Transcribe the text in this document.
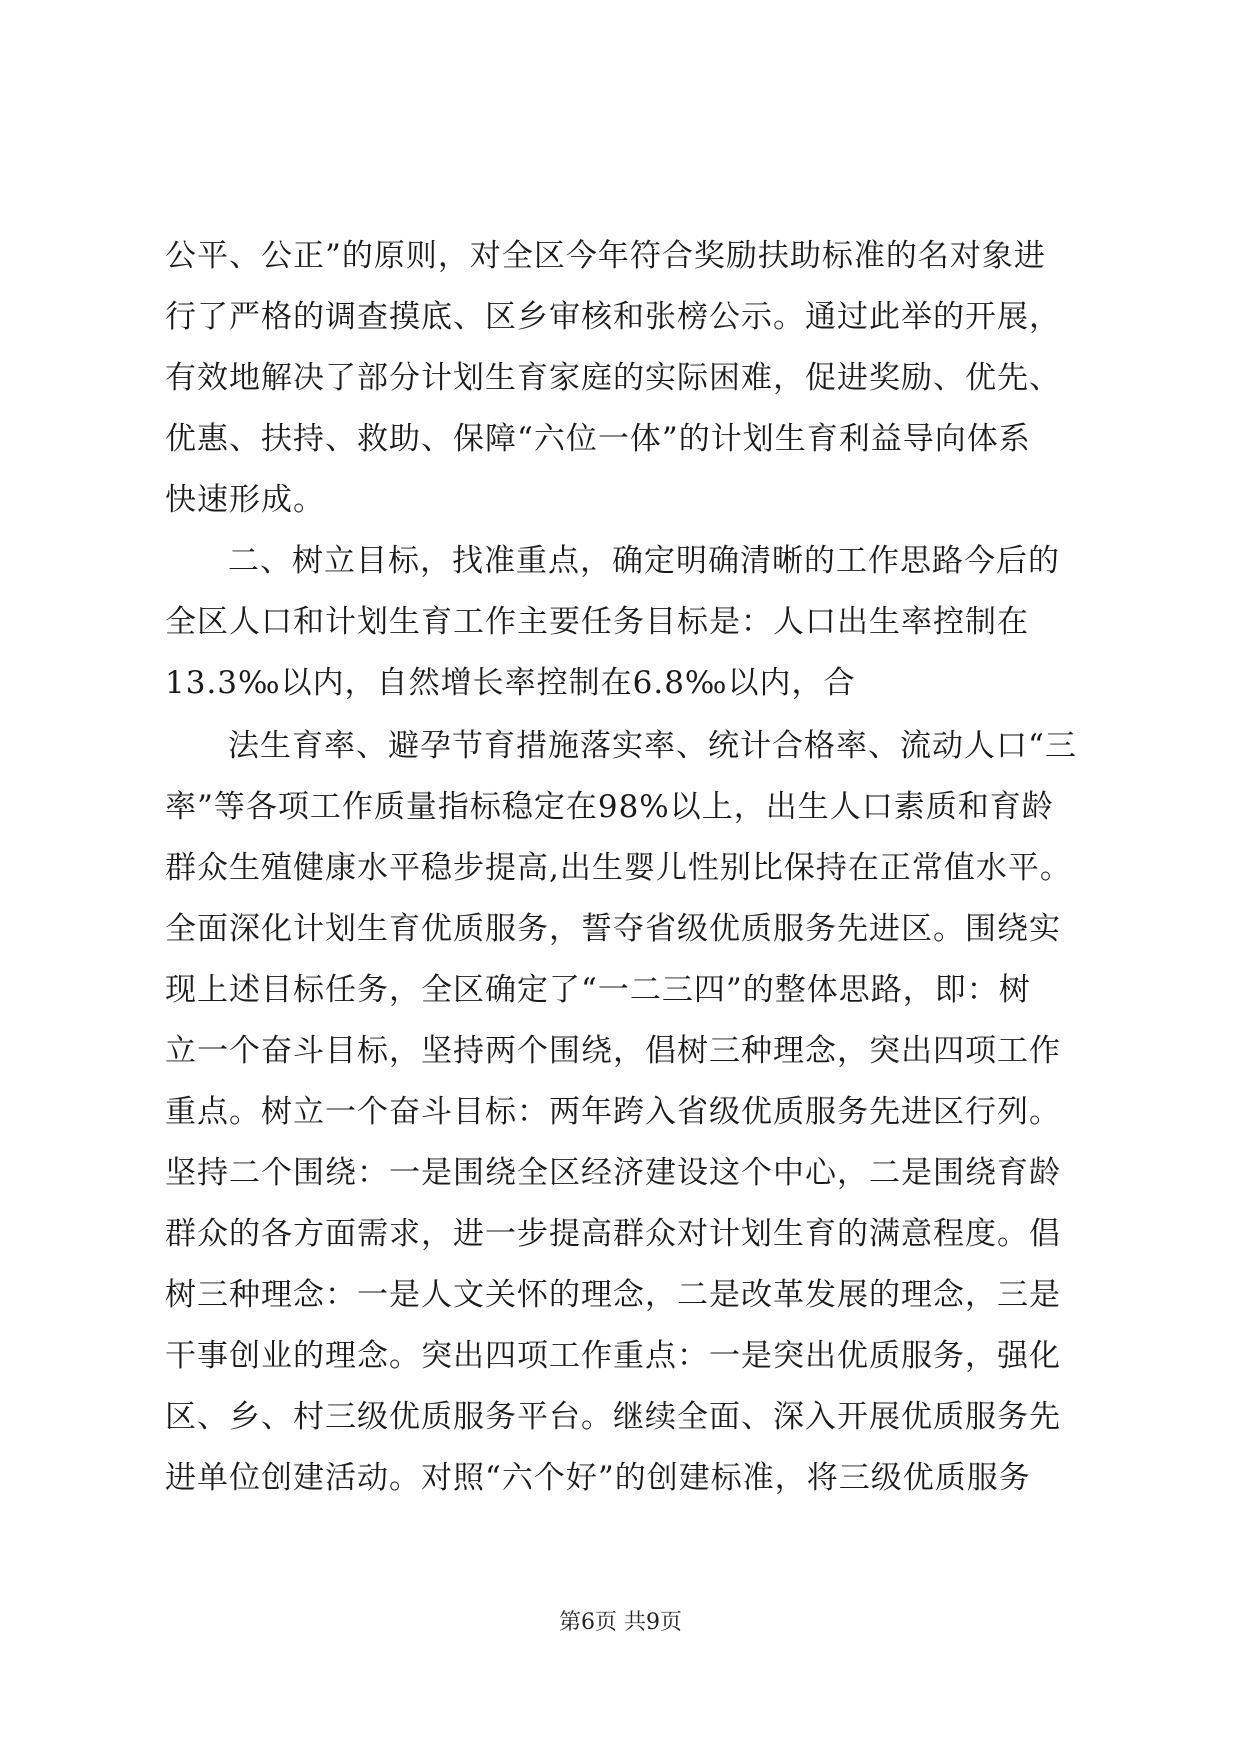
公平、公正”的原则，对全区今年符合奖励扶助标准的名对象进
行了严格的调查摸底、区乡审核和张榜公示。通过此举的开展，
有效地解决了部分计划生育家庭的实际困难，促进奖励、优先、
优惠、扶持、救助、保障“六位一体”的计划生育利益导向体系
快速形成。
二、树立目标，找准重点，确定明确清晰的工作思路今后的
全区人口和计划生育工作主要任务目标是：人口出生率控制在
13.3‰以内，自然增长率控制在6.8‰以内，合
法生育率、避孕节育措施落实率、统计合格率、流动人口“三
率”等各项工作质量指标稳定在98%以上，出生人口素质和育龄
群众生殖健康水平稳步提高,出生婴儿性别比保持在正常值水平。
全面深化计划生育优质服务，誓夺省级优质服务先进区。围绕实
现上述目标任务，全区确定了“一二三四”的整体思路，即：树
立一个奋斗目标，坚持两个围绕，倡树三种理念，突出四项工作
重点。树立一个奋斗目标：两年跨入省级优质服务先进区行列。
坚持二个围绕：一是围绕全区经济建设这个中心，二是围绕育龄
群众的各方面需求，进一步提高群众对计划生育的满意程度。倡
树三种理念：一是人文关怀的理念，二是改革发展的理念，三是
干事创业的理念。突出四项工作重点：一是突出优质服务，强化
区、乡、村三级优质服务平台。继续全面、深入开展优质服务先
进单位创建活动。对照“六个好”的创建标准，将三级优质服务
第6页 共9页
